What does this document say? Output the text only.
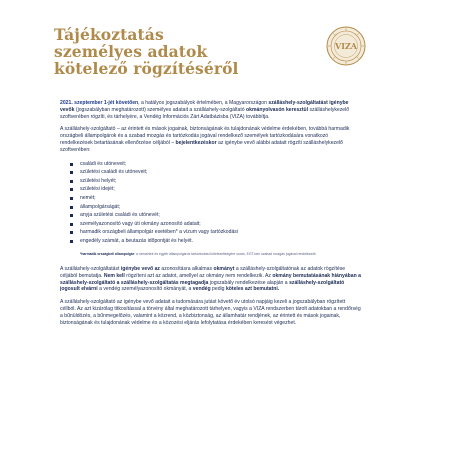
Tájékoztatás
személyes adatok
kötelező rögzítéséről
VIZA

2021. szeptember 1-jét követően, a hatályos jogszabályok értelmében, a Magyarországon szálláshely-szolgáltatást igénybe vevők (jogszabályban meghatározott) személyes adatait a szálláshely-szolgáltató okmányolvasón keresztül szálláshelykezelő szoftverében rögzíti, és tárhelyére, a Vendég Információs Zárt Adatbázisba (VIZA) továbbítja.

A szálláshely-szolgáltató – az érintett és mások jogainak, biztonságának és tulajdonának védelme érdekében, továbbá harmadik országbeli állampolgárok és a szabad mozgás és tartózkodás jogával rendelkező személyek tartózkodására vonatkozó rendelkezések betartásának ellenőrzése céljából – bejelentkezéskor az igénybe vevő alábbi adatait rögzíti szálláshelykezelő szoftverében:

családi és utóneveit;
születési családi és utóneveit;
születési helyét;
születési idejét;
nemét;
állampolgárságát;
anyja születési családi és utónevét;
személyazonosító vagy úti okmány azonosító adatait;
harmadik országbeli állampolgár esetében* a vízum vagy tartózkodási
engedély számát, a beutazás időpontját és helyét.
*harmadik országbeli állampolgár: a nemzetek és egyéb állampolgárok tartózkodási kötelezettségére során, EGT-ben szabad mozgás jogával rendelkezők

A szálláshely-szolgáltatást igénybe vevő az azonosításra alkalmas okmányt a szálláshely-szolgáltatónak az adatok rögzítése céljából bemutatja. Nem kell rögzíteni azt az adatot, amellyel az okmány nem rendelkezik. Az okmány bemutatásának hiányában a szálláshely-szolgáltató a szálláshely-szolgáltatás megtagadja jogszabály rendelkezése alapján a szálláshely-szolgáltató jogosult elvárni a vendég személyazonosító okmányát, a vendég pedig köteles azt bemutatni.

A szálláshely-szolgáltató az igénybe vevő adatait a tudomására jutást követő év utolsó napjáig kezeli a jogszabályban rögzített céllból. Az azt kizárólag titkosítással a törvény által meghatározott tárhelyen, vagyis a VIZA rendszerben tárolt adatokban a rendőrség a bűnüldözés, a bűnmegelőzés, valamint a közrend, a közbiztonság, az államhatár rendjének, az érintett és mások jogainak, biztonságának és tulajdonának védelme és a közozési eljárás lefolytatása érdekében keresést végezhet.
